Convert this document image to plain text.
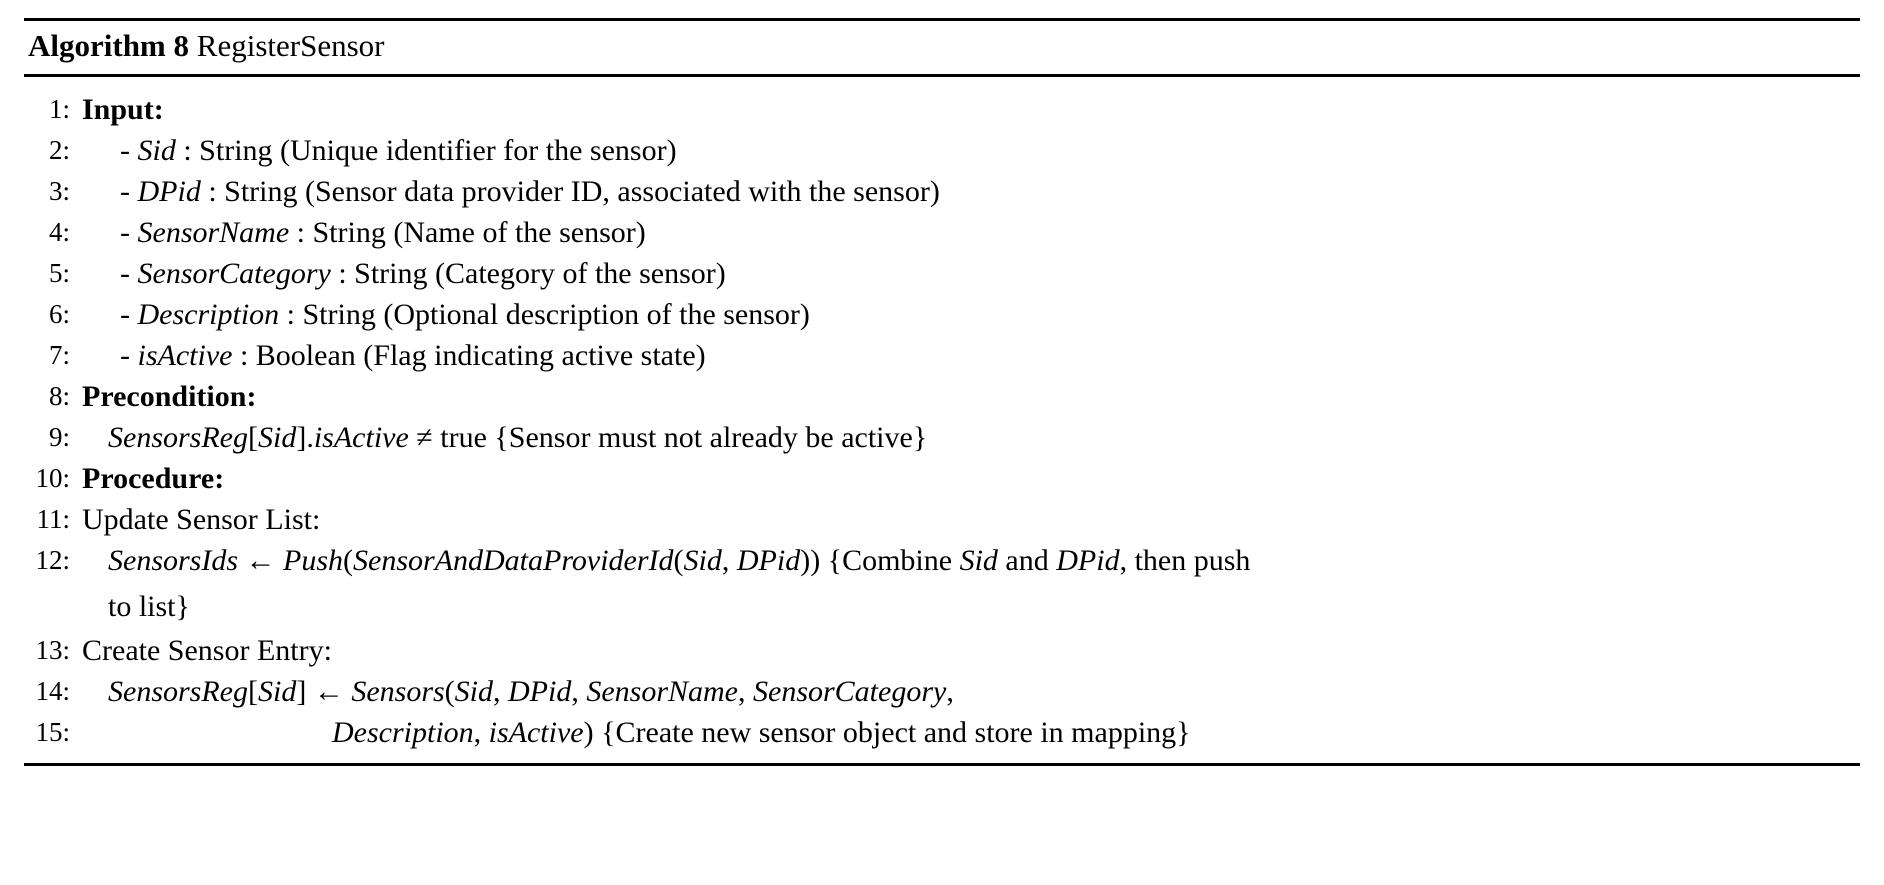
Algorithm 8 RegisterSensor
1: Input:
2:	- Sid : String (Unique identifier for the sensor)
3:	- DPid : String (Sensor data provider ID, associated with the sensor)
4:	- SensorName : String (Name of the sensor)
5:	- SensorCategory : String (Category of the sensor)
6:	- Description : String (Optional description of the sensor)
7:	- isActive : Boolean (Flag indicating active state)
8: Precondition:
9:	SensorsReg[Sid].isActive ≠ true {Sensor must not already be active}
10: Procedure:
11: Update Sensor List:
12:	SensorsIds ← Push(SensorAndDataProviderId(Sid, DPid)) {Combine Sid and DPid, then push
to list}
13: Create Sensor Entry:
14:	SensorsReg[Sid] ← Sensors(Sid, DPid, SensorName, SensorCategory,
15:	Description, isActive) {Create new sensor object and store in mapping}
